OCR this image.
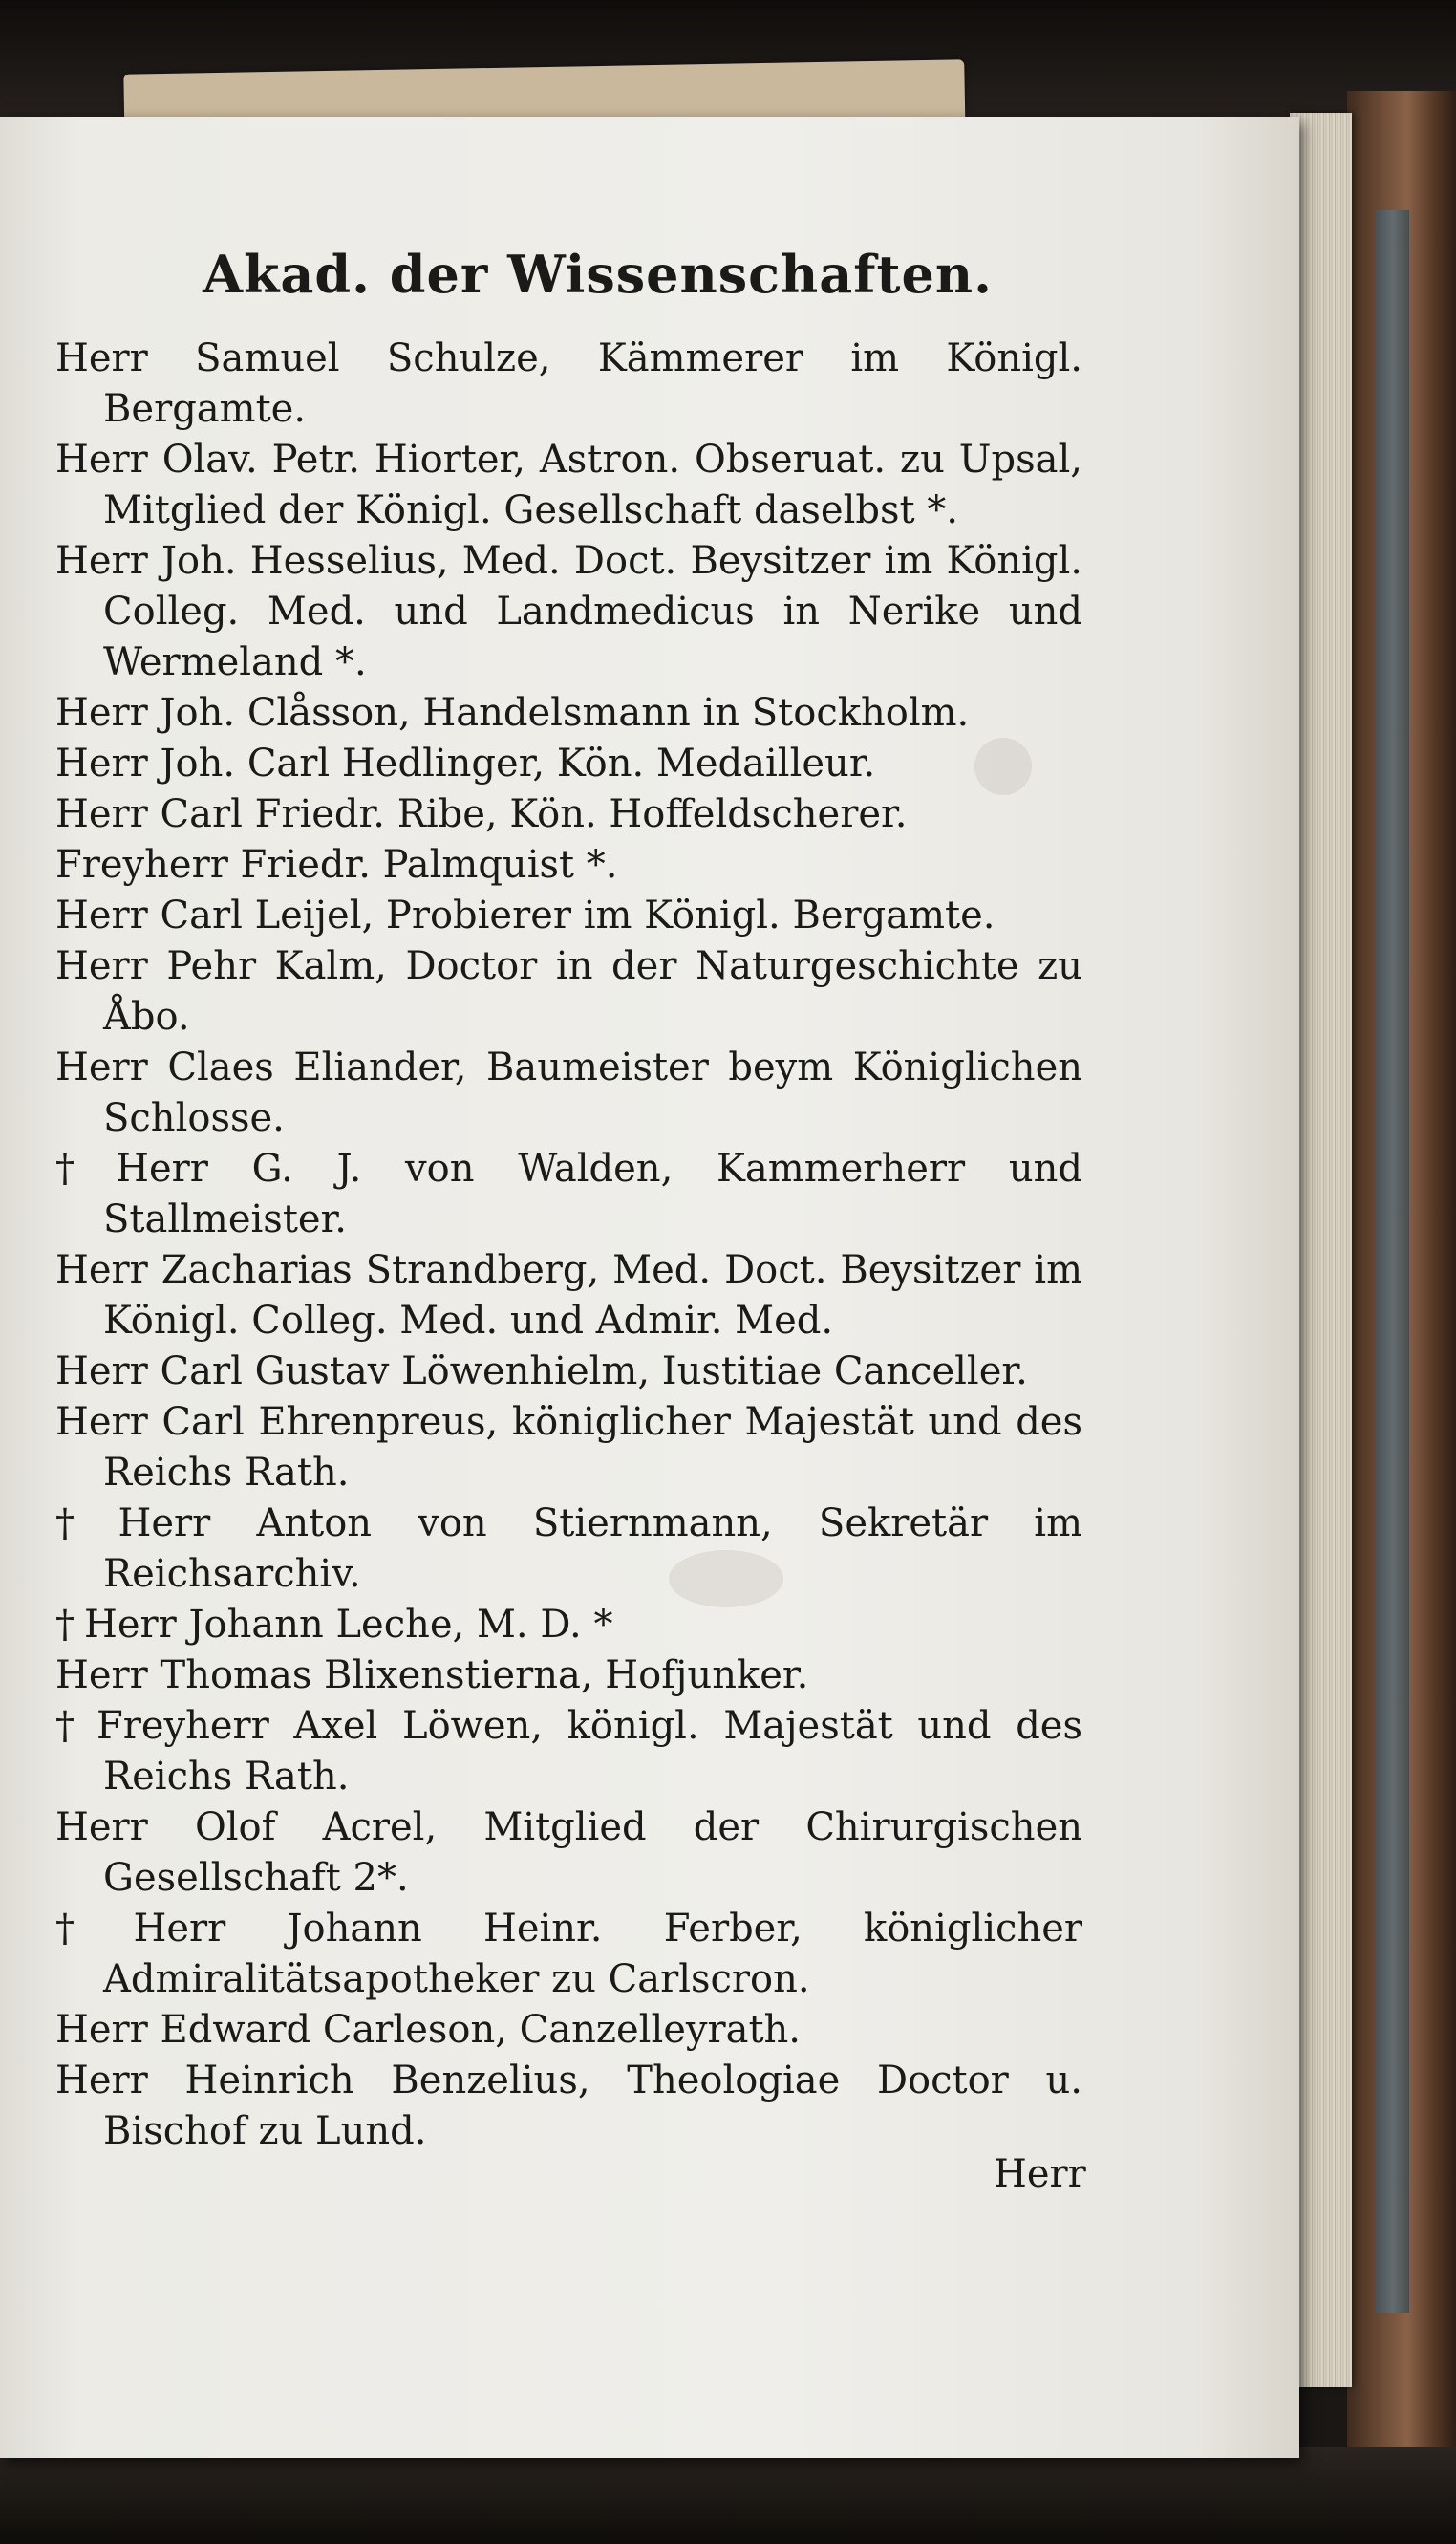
Akad. der Wissenschaften.

Herr Samuel Schulze, Kämmerer im Königl. Bergamte.

Herr Olav. Petr. Hiorter, Astron. Obseruat. zu Upsal, Mitglied der Königl. Gesellschaft daselbst *.

Herr Joh. Hesselius, Med. Doct. Beysitzer im Königl. Colleg. Med. und Landmedicus in Nerike und Wermeland *.

Herr Joh. Clåsson, Handelsmann in Stockholm.

Herr Joh. Carl Hedlinger, Kön. Medailleur.

Herr Carl Friedr. Ribe, Kön. Hoffeldscherer.

Freyherr Friedr. Palmquist *.

Herr Carl Leijel, Probierer im Königl. Bergamte.

Herr Pehr Kalm, Doctor in der Naturgeschichte zu Åbo.

Herr Claes Eliander, Baumeister beym Königlichen Schlosse.

† Herr G. J. von Walden, Kammerherr und Stallmeister.

Herr Zacharias Strandberg, Med. Doct. Beysitzer im Königl. Colleg. Med. und Admir. Med.

Herr Carl Gustav Löwenhielm, Iustitiae Canceller.

Herr Carl Ehrenpreus, königlicher Majestät und des Reichs Rath.

† Herr Anton von Stiernmann, Sekretär im Reichsarchiv.

† Herr Johann Leche, M. D. *

Herr Thomas Blixenstierna, Hofjunker.

† Freyherr Axel Löwen, königl. Majestät und des Reichs Rath.

Herr Olof Acrel, Mitglied der Chirurgischen Gesellschaft 2*.

† Herr Johann Heinr. Ferber, königlicher Admiralitätsapotheker zu Carlscron.

Herr Edward Carleson, Canzelleyrath.

Herr Heinrich Benzelius, Theologiae Doctor u. Bischof zu Lund.

Herr
